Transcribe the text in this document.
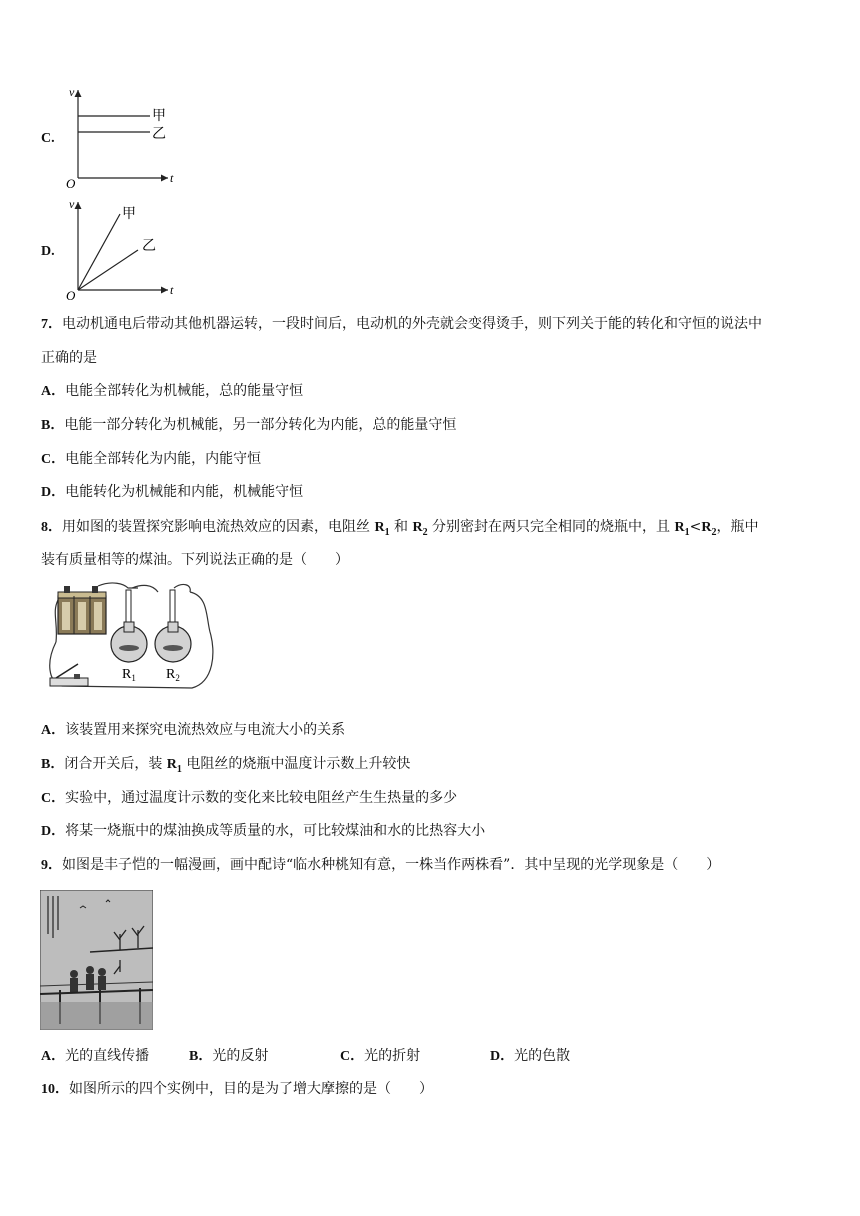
C.
v
t
O
甲
乙
D.
v
t
O
甲
乙
7．电动机通电后带动其他机器运转，一段时间后，电动机的外壳就会变得烫手，则下列关于能的转化和守恒的说法中
正确的是
A．电能全部转化为机械能，总的能量守恒
B．电能一部分转化为机械能，另一部分转化为内能，总的能量守恒
C．电能全部转化为内能，内能守恒
D．电能转化为机械能和内能，机械能守恒
8．用如图的装置探究影响电流热效应的因素，电阻丝 $R_1$ 和 $R_2$ 分别密封在两只完全相同的烧瓶中，且 $R_1<R_2$，瓶中
装有质量相等的煤油。下列说法正确的是（　　）
$R_1$ $R_2$
A．该装置用来探究电流热效应与电流大小的关系
B．闭合开关后，装 $R_1$ 电阻丝的烧瓶中温度计示数上升较快
C．实验中，通过温度计示数的变化来比较电阻丝产生生热量的多少
D．将某一烧瓶中的煤油换成等质量的水，可比较煤油和水的比热容大小
9．如图是丰子恺的一幅漫画，画中配诗“临水种桃知有意，一株当作两株看”．其中呈现的光学现象是（　　）
A．光的直线传播	B．光的反射	C．光的折射	D．光的色散
10．如图所示的四个实例中，目的是为了增大摩擦的是（　　）
